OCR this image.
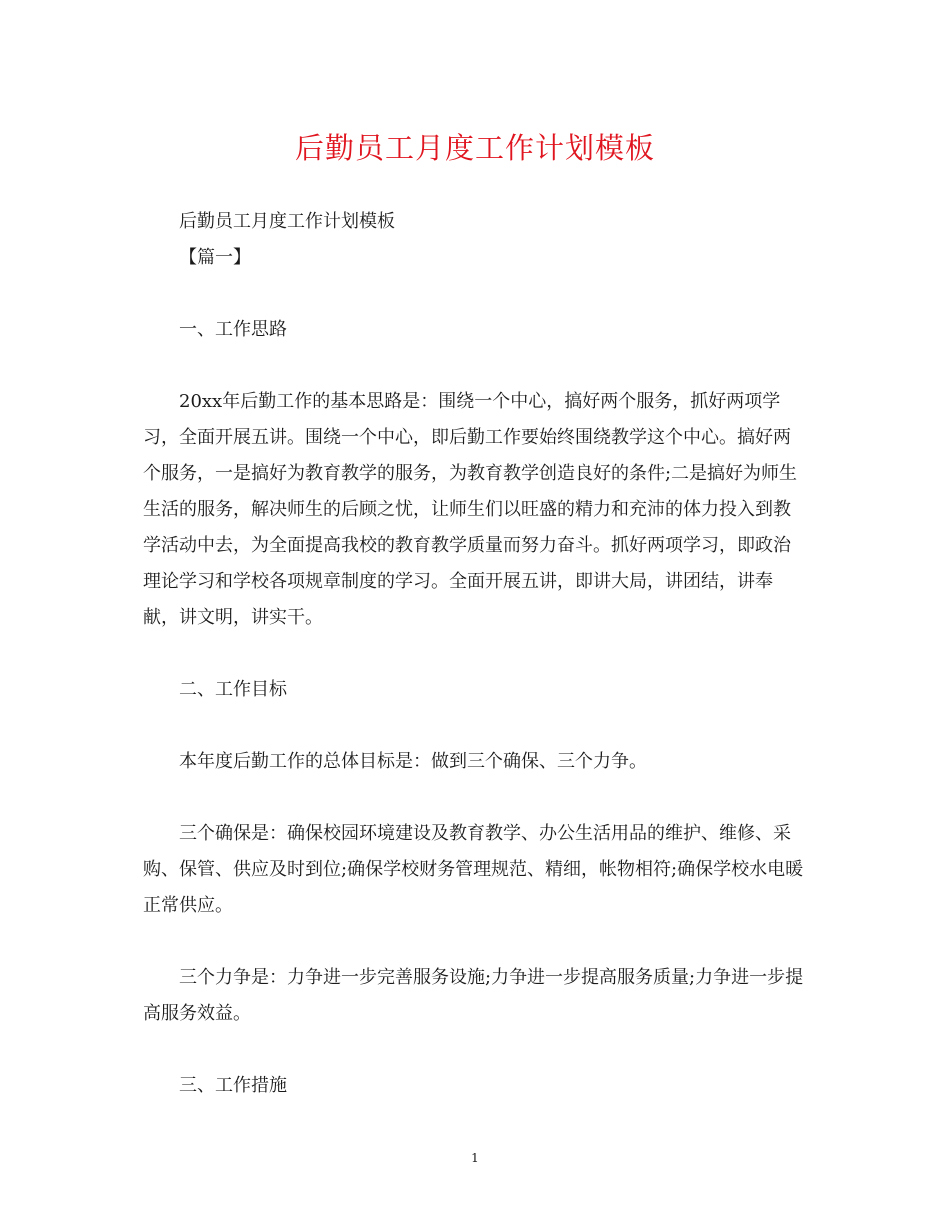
后勤员工月度工作计划模板

后勤员工月度工作计划模板

【篇一】

一、工作思路

20xx年后勤工作的基本思路是：围绕一个中心，搞好两个服务，抓好两项学习，全面开展五讲。围绕一个中心，即后勤工作要始终围绕教学这个中心。搞好两个服务，一是搞好为教育教学的服务，为教育教学创造良好的条件;二是搞好为师生生活的服务，解决师生的后顾之忧，让师生们以旺盛的精力和充沛的体力投入到教学活动中去，为全面提高我校的教育教学质量而努力奋斗。抓好两项学习，即政治理论学习和学校各项规章制度的学习。全面开展五讲，即讲大局，讲团结，讲奉献，讲文明，讲实干。

二、工作目标

本年度后勤工作的总体目标是：做到三个确保、三个力争。

三个确保是：确保校园环境建设及教育教学、办公生活用品的维护、维修、采购、保管、供应及时到位;确保学校财务管理规范、精细，帐物相符;确保学校水电暖正常供应。

三个力争是：力争进一步完善服务设施;力争进一步提高服务质量;力争进一步提高服务效益。

三、工作措施

1
